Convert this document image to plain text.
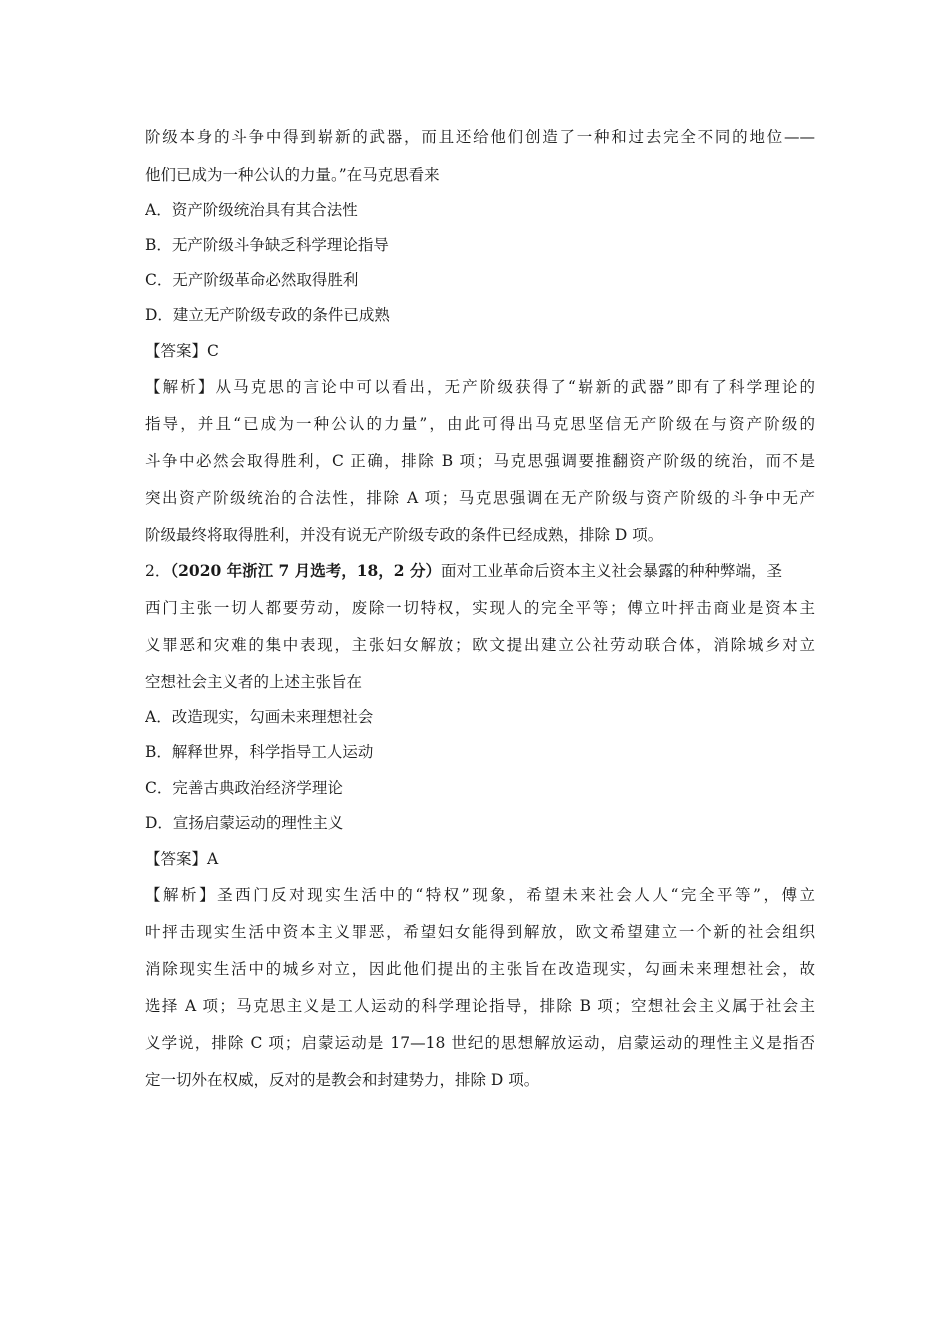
阶级本身的斗争中得到崭新的武器，而且还给他们创造了一种和过去完全不同的地位——
他们已成为一种公认的力量。”在马克思看来
A．资产阶级统治具有其合法性
B．无产阶级斗争缺乏科学理论指导
C．无产阶级革命必然取得胜利
D．建立无产阶级专政的条件已成熟
【答案】C
【解析】从马克思的言论中可以看出，无产阶级获得了“崭新的武器”即有了科学理论的
指导，并且“已成为一种公认的力量”，由此可得出马克思坚信无产阶级在与资产阶级的
斗争中必然会取得胜利，C 正确，排除 B 项；马克思强调要推翻资产阶级的统治，而不是
突出资产阶级统治的合法性，排除 A 项；马克思强调在无产阶级与资产阶级的斗争中无产
阶级最终将取得胜利，并没有说无产阶级专政的条件已经成熟，排除 D 项。
2．（2020 年浙江 7 月选考，18，2 分）面对工业革命后资本主义社会暴露的种种弊端，圣
西门主张一切人都要劳动，废除一切特权，实现人的完全平等；傅立叶抨击商业是资本主
义罪恶和灾难的集中表现，主张妇女解放；欧文提出建立公社劳动联合体，消除城乡对立
空想社会主义者的上述主张旨在
A．改造现实，勾画未来理想社会
B．解释世界，科学指导工人运动
C．完善古典政治经济学理论
D．宣扬启蒙运动的理性主义
【答案】A
【解析】圣西门反对现实生活中的“特权”现象，希望未来社会人人“完全平等”，傅立
叶抨击现实生活中资本主义罪恶，希望妇女能得到解放，欧文希望建立一个新的社会组织
消除现实生活中的城乡对立，因此他们提出的主张旨在改造现实，勾画未来理想社会，故
选择 A 项；马克思主义是工人运动的科学理论指导，排除 B 项；空想社会主义属于社会主
义学说，排除 C 项；启蒙运动是 17—18 世纪的思想解放运动，启蒙运动的理性主义是指否
定一切外在权威，反对的是教会和封建势力，排除 D 项。
